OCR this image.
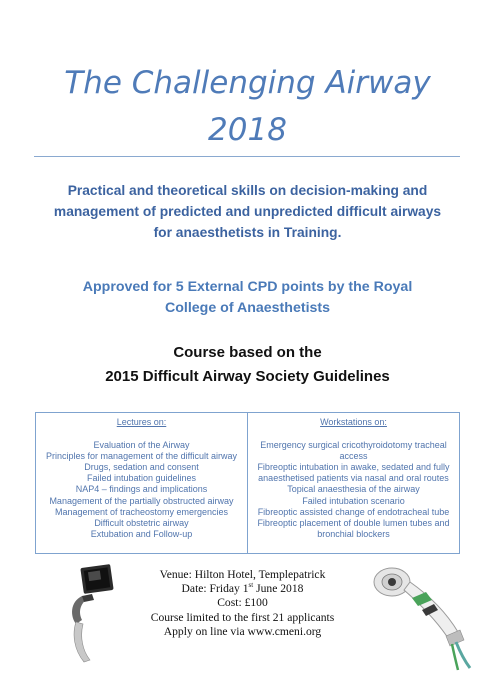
The Challenging Airway
2018
Practical and theoretical skills on decision-making and
management of predicted and unpredicted difficult airways
for anaesthetists in Training.
Approved for 5 External CPD points by the Royal
College of Anaesthetists
Course based on the
2015 Difficult Airway Society Guidelines
Lectures on:
Evaluation of the Airway
Principles for management of the difficult airway
Drugs, sedation and consent
Failed intubation guidelines
NAP4 – findings and implications
Management of the partially obstructed airway
Management of tracheostomy emergencies
Difficult obstetric airway
Extubation and Follow-up
Workstations on:
Emergency surgical cricothyroidotomy tracheal access
Fibreoptic intubation in awake, sedated and fully anaesthetised patients via nasal and oral routes
Topical anaesthesia of the airway
Failed intubation scenario
Fibreoptic assisted change of endotracheal tube
Fibreoptic placement of double lumen tubes and bronchial blockers
Venue: Hilton Hotel, Templepatrick
Date: Friday 1st June 2018
Cost: £100
Course limited to the first 21 applicants
Apply on line via www.cmeni.org
